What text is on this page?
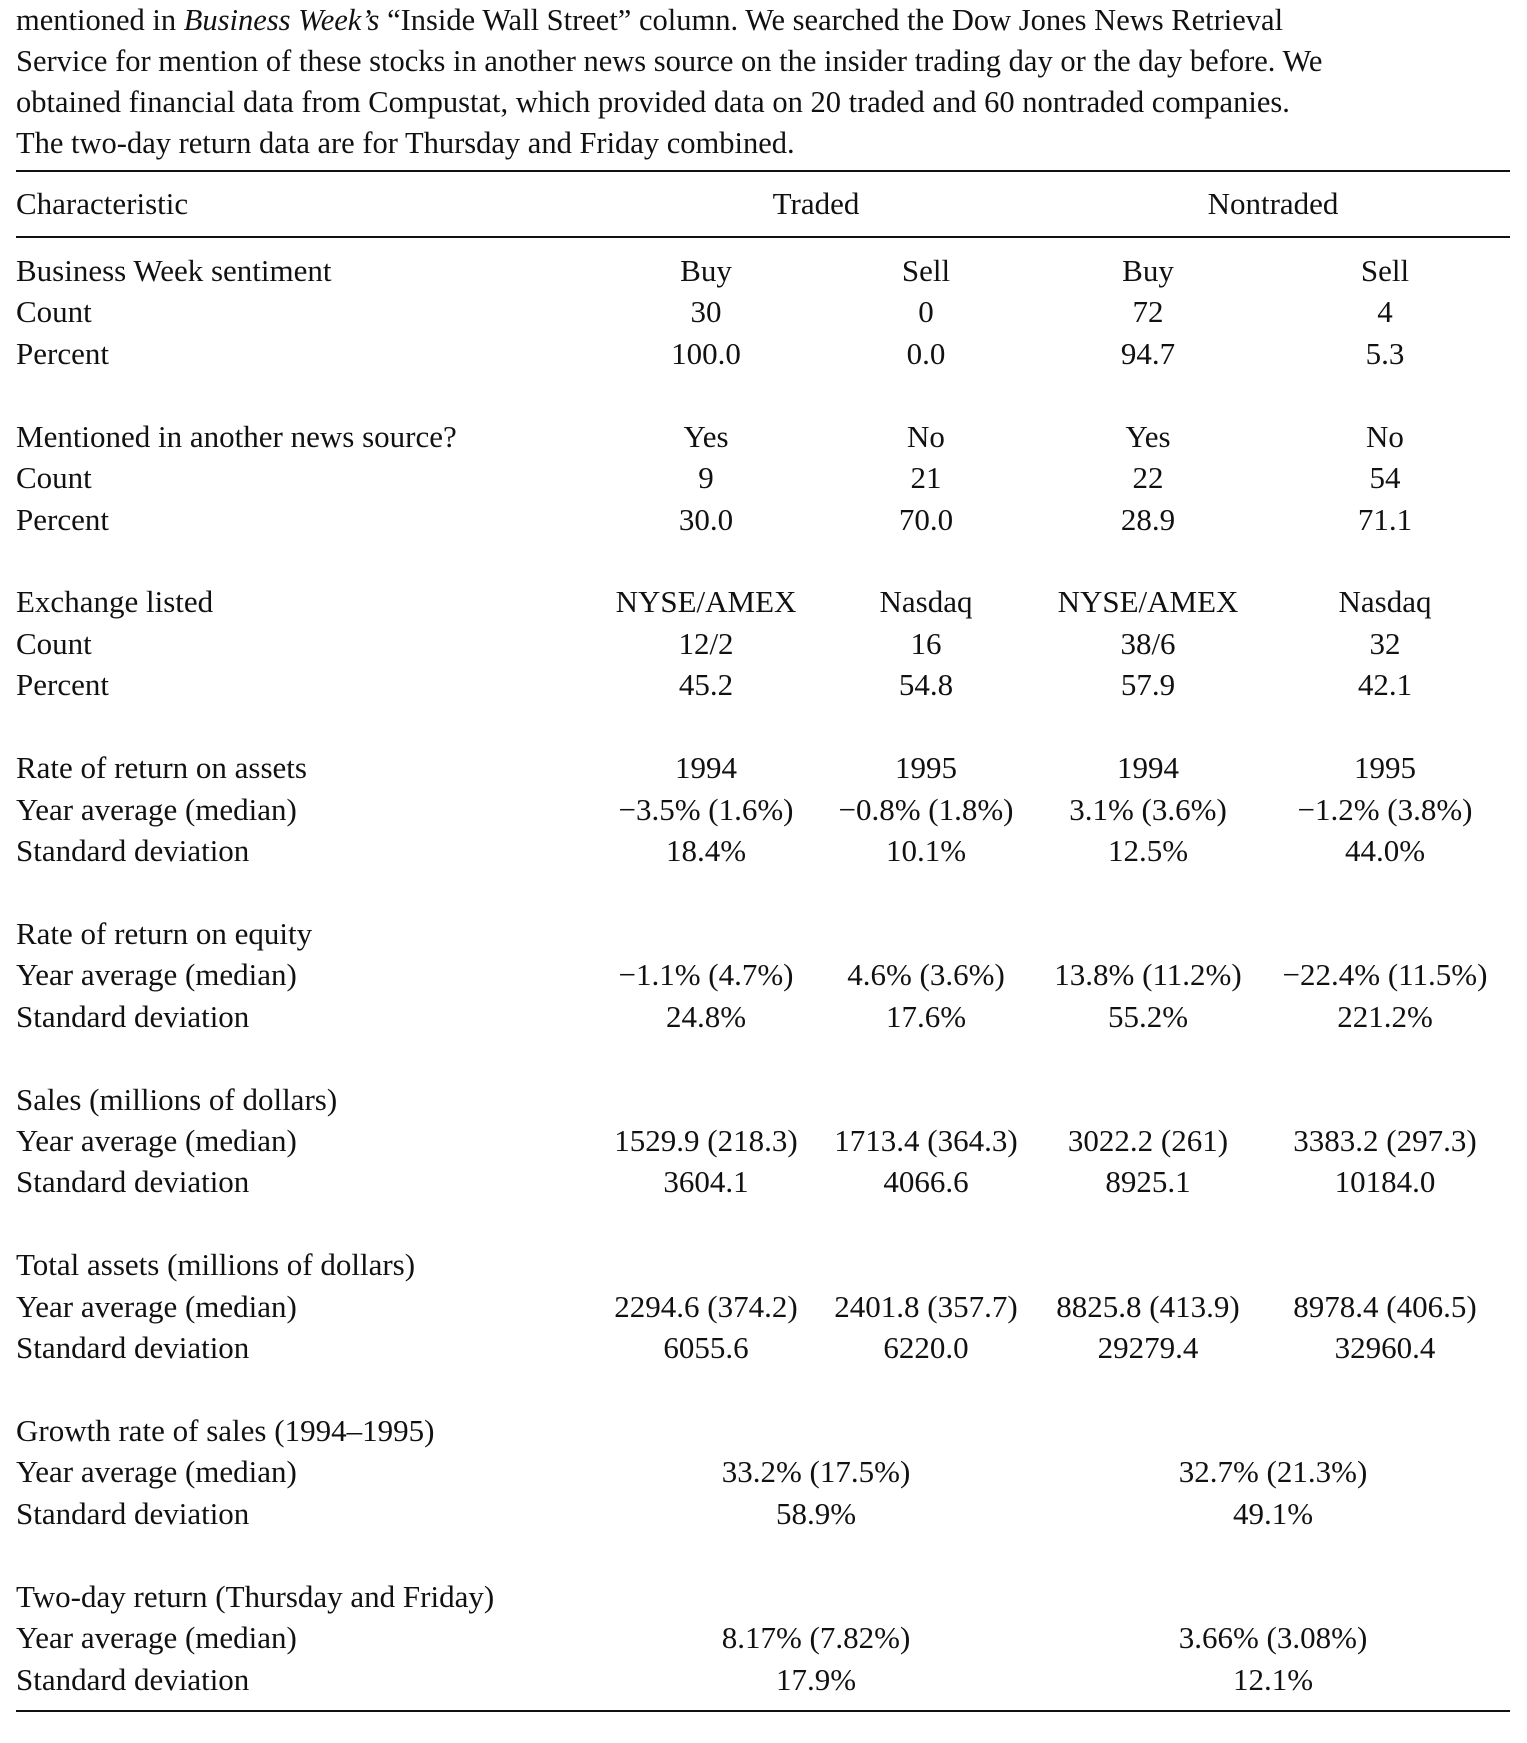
mentioned in Business Week’s “Inside Wall Street” column. We searched the Dow Jones News Retrieval
Service for mention of these stocks in another news source on the insider trading day or the day before. We
obtained financial data from Compustat, which provided data on 20 traded and 60 nontraded companies.
The two-day return data are for Thursday and Friday combined.
Characteristic	Traded	Nontraded
Business Week sentiment	Buy	Sell	Buy	Sell
Count	30	0	72	4
Percent	100.0	0.0	94.7	5.3

Mentioned in another news source?	Yes	No	Yes	No
Count	9	21	22	54
Percent	30.0	70.0	28.9	71.1

Exchange listed	NYSE/AMEX	Nasdaq	NYSE/AMEX	Nasdaq
Count	12/2	16	38/6	32
Percent	45.2	54.8	57.9	42.1

Rate of return on assets	1994	1995	1994	1995
Year average (median)	−3.5% (1.6%)	−0.8% (1.8%)	3.1% (3.6%)	−1.2% (3.8%)
Standard deviation	18.4%	10.1%	12.5%	44.0%

Rate of return on equity				
Year average (median)	−1.1% (4.7%)	4.6% (3.6%)	13.8% (11.2%)	−22.4% (11.5%)
Standard deviation	24.8%	17.6%	55.2%	221.2%

Sales (millions of dollars)				
Year average (median)	1529.9 (218.3)	1713.4 (364.3)	3022.2 (261)	3383.2 (297.3)
Standard deviation	3604.1	4066.6	8925.1	10184.0

Total assets (millions of dollars)				
Year average (median)	2294.6 (374.2)	2401.8 (357.7)	8825.8 (413.9)	8978.4 (406.5)
Standard deviation	6055.6	6220.0	29279.4	32960.4

Growth rate of sales (1994–1995)				
Year average (median)	33.2% (17.5%)		32.7% (21.3%)	
Standard deviation	58.9%		49.1%	

Two-day return (Thursday and Friday)				
Year average (median)	8.17% (7.82%)		3.66% (3.08%)	
Standard deviation	17.9%		12.1%	
